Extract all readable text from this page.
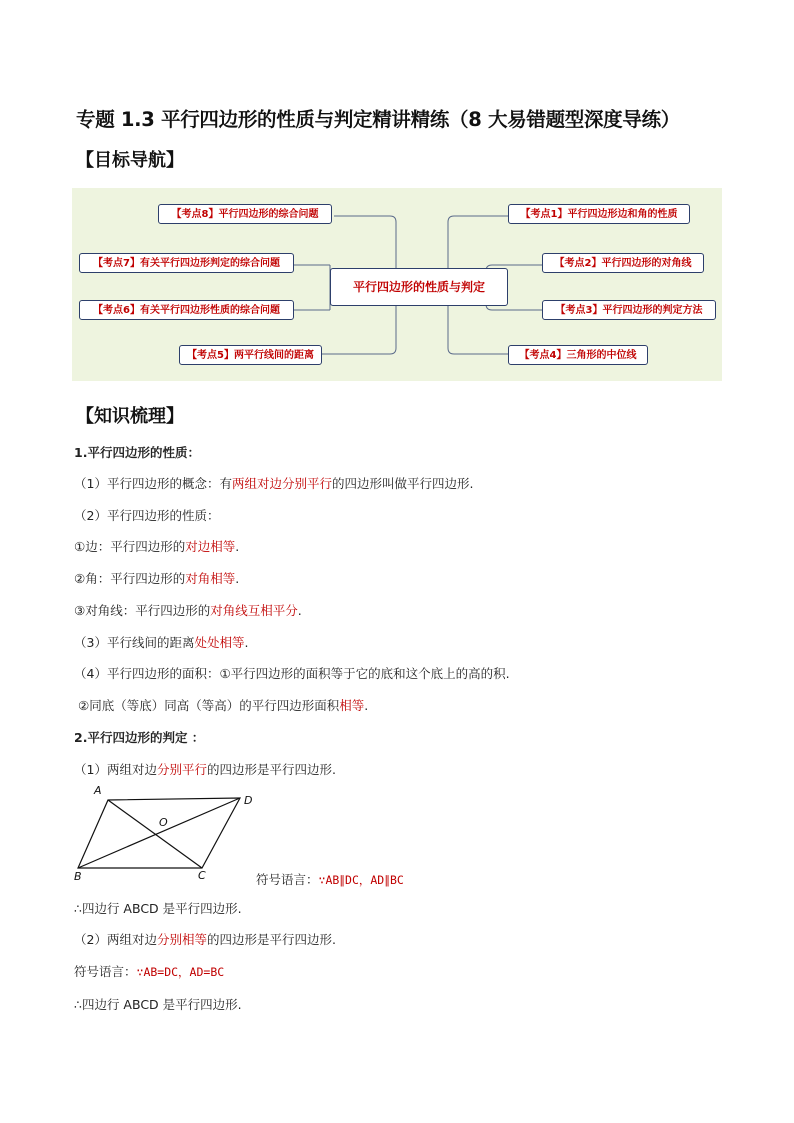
专题 1.3 平行四边形的性质与判定精讲精练（8 大易错题型深度导练）
【目标导航】
【考点8】平行四边形的综合问题
【考点7】有关平行四边形判定的综合问题
【考点6】有关平行四边形性质的综合问题
【考点5】两平行线间的距离
平行四边形的性质与判定
【考点1】平行四边形边和角的性质
【考点2】平行四边形的对角线
【考点3】平行四边形的判定方法
【考点4】三角形的中位线
【知识梳理】
1.平行四边形的性质：
（1）平行四边形的概念：有两组对边分别平行的四边形叫做平行四边形.
（2）平行四边形的性质：
①边：平行四边形的对边相等.
②角：平行四边形的对角相等.
③对角线：平行四边形的对角线互相平分.
（3）平行线间的距离处处相等.
（4）平行四边形的面积：①平行四边形的面积等于它的底和这个底上的高的积.
②同底（等底）同高（等高）的平行四边形面积相等.
2.平行四边形的判定 ：
（1）两组对边分别平行的四边形是平行四边形.
A
D
O
B	C	符号语言：∵AB∥DC，AD∥BC
∴四边行 ABCD 是平行四边形.
（2）两组对边分别相等的四边形是平行四边形.
符号语言：∵AB=DC，AD=BC
∴四边行 ABCD 是平行四边形.
